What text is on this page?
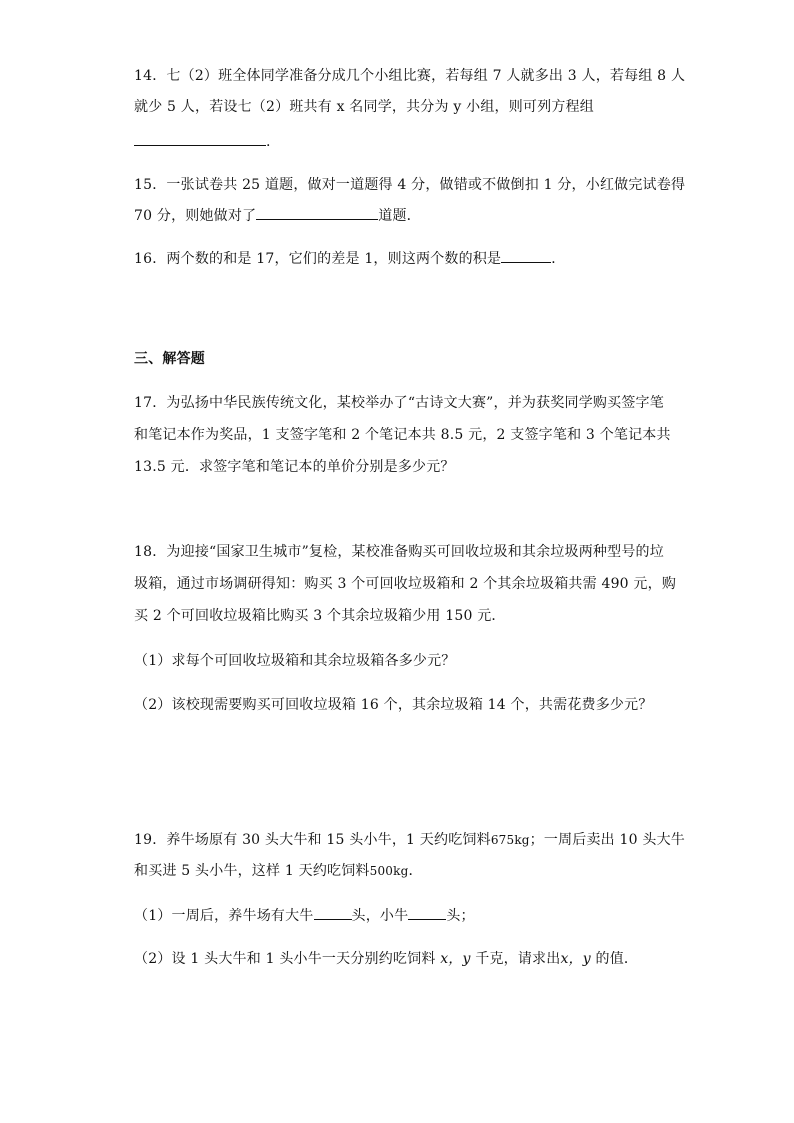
14．七（2）班全体同学准备分成几个小组比赛，若每组 7 人就多出 3 人，若每组 8 人
就少 5 人，若设七（2）班共有 x 名同学，共分为 y 小组，则可列方程组
.
15．一张试卷共 25 道题，做对一道题得 4 分，做错或不做倒扣 1 分，小红做完试卷得
70 分，则她做对了	道题．
16．两个数的和是 17，它们的差是 1，则这两个数的积是	．
三、解答题
17．为弘扬中华民族传统文化，某校举办了“古诗文大赛”，并为获奖同学购买签字笔
和笔记本作为奖品，1 支签字笔和 2 个笔记本共 8.5 元，2 支签字笔和 3 个笔记本共
13.5 元．求签字笔和笔记本的单价分别是多少元？
18．为迎接“国家卫生城市”复检，某校准备购买可回收垃圾和其余垃圾两种型号的垃
圾箱，通过市场调研得知：购买 3 个可回收垃圾箱和 2 个其余垃圾箱共需 490 元，购
买 2 个可回收垃圾箱比购买 3 个其余垃圾箱少用 150 元．
（1）求每个可回收垃圾箱和其余垃圾箱各多少元？
（2）该校现需要购买可回收垃圾箱 16 个，其余垃圾箱 14 个，共需花费多少元？
19．养牛场原有 30 头大牛和 15 头小牛，1 天约吃饲料675kg；一周后卖出 10 头大牛
和买进 5 头小牛，这样 1 天约吃饲料500kg．
（1）一周后，养牛场有大牛	头，小牛	头；
（2）设 1 头大牛和 1 头小牛一天分别约吃饲料 x，y 千克，请求出x，y 的值．
